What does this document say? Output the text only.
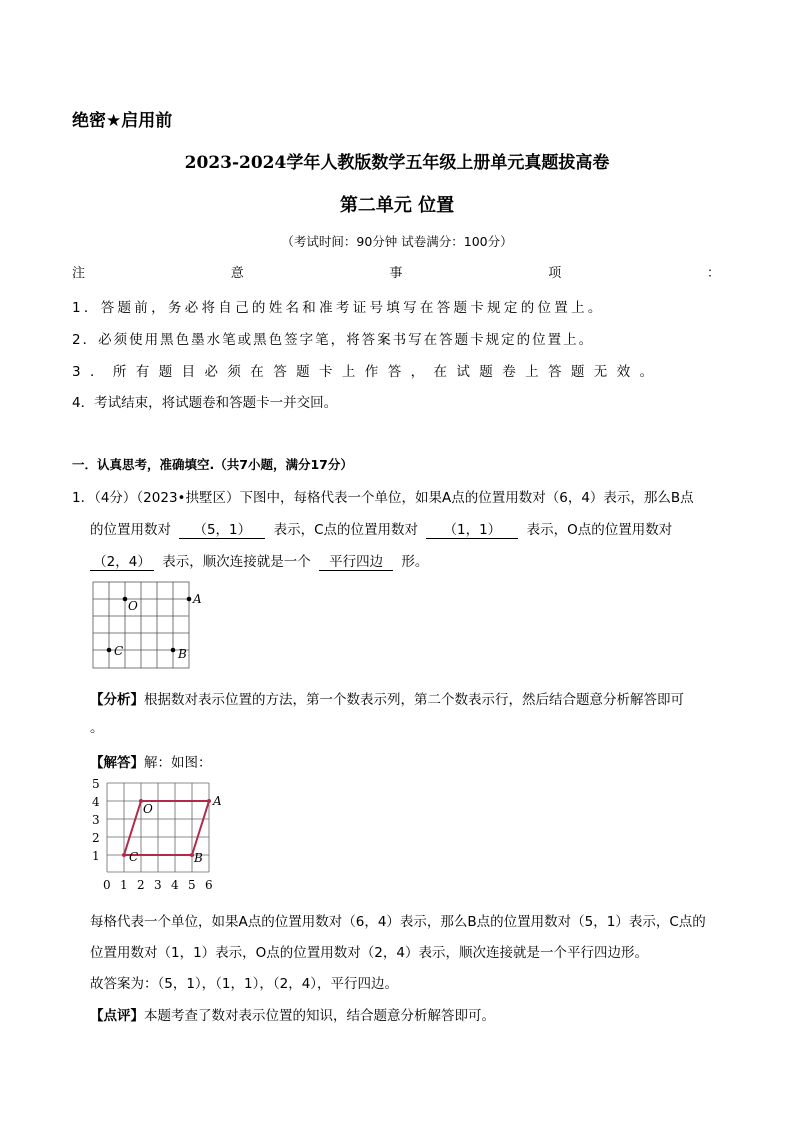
绝密★启用前
2023-2024学年人教版数学五年级上册单元真题拔高卷
第二单元 位置
（考试时间：90分钟 试卷满分：100分）
注	意	事	项	：
1．答题前，务必将自己的姓名和准考证号填写在答题卡规定的位置上。
2．必须使用黑色墨水笔或黑色签字笔，将答案书写在答题卡规定的位置上。
3．所有题目必须在答题卡上作答，在试题卷上答题无效。
4．考试结束，将试题卷和答题卡一并交回。
一．认真思考，准确填空.（共7小题，满分17分）
1．（4分）（2023•拱墅区）下图中，每格代表一个单位，如果A点的位置用数对（6，4）表示，那么B点
的位置用数对 （5，1） 表示，C点的位置用数对 （1，1） 表示，O点的位置用数对
（2，4） 表示，顺次连接就是一个 平行四边 形。
A
O
C	B
【分析】根据数对表示位置的方法，第一个数表示列，第二个数表示行，然后结合题意分析解答即可
。
【解答】解：如图：
5
4
3
2
1
0 1 2 3 4 5 6
A
O
C	B
每格代表一个单位，如果A点的位置用数对（6，4）表示，那么B点的位置用数对（5，1）表示，C点的
位置用数对（1，1）表示，O点的位置用数对（2，4）表示，顺次连接就是一个平行四边形。
故答案为：（5，1），（1，1），（2，4），平行四边。
【点评】本题考查了数对表示位置的知识，结合题意分析解答即可。
